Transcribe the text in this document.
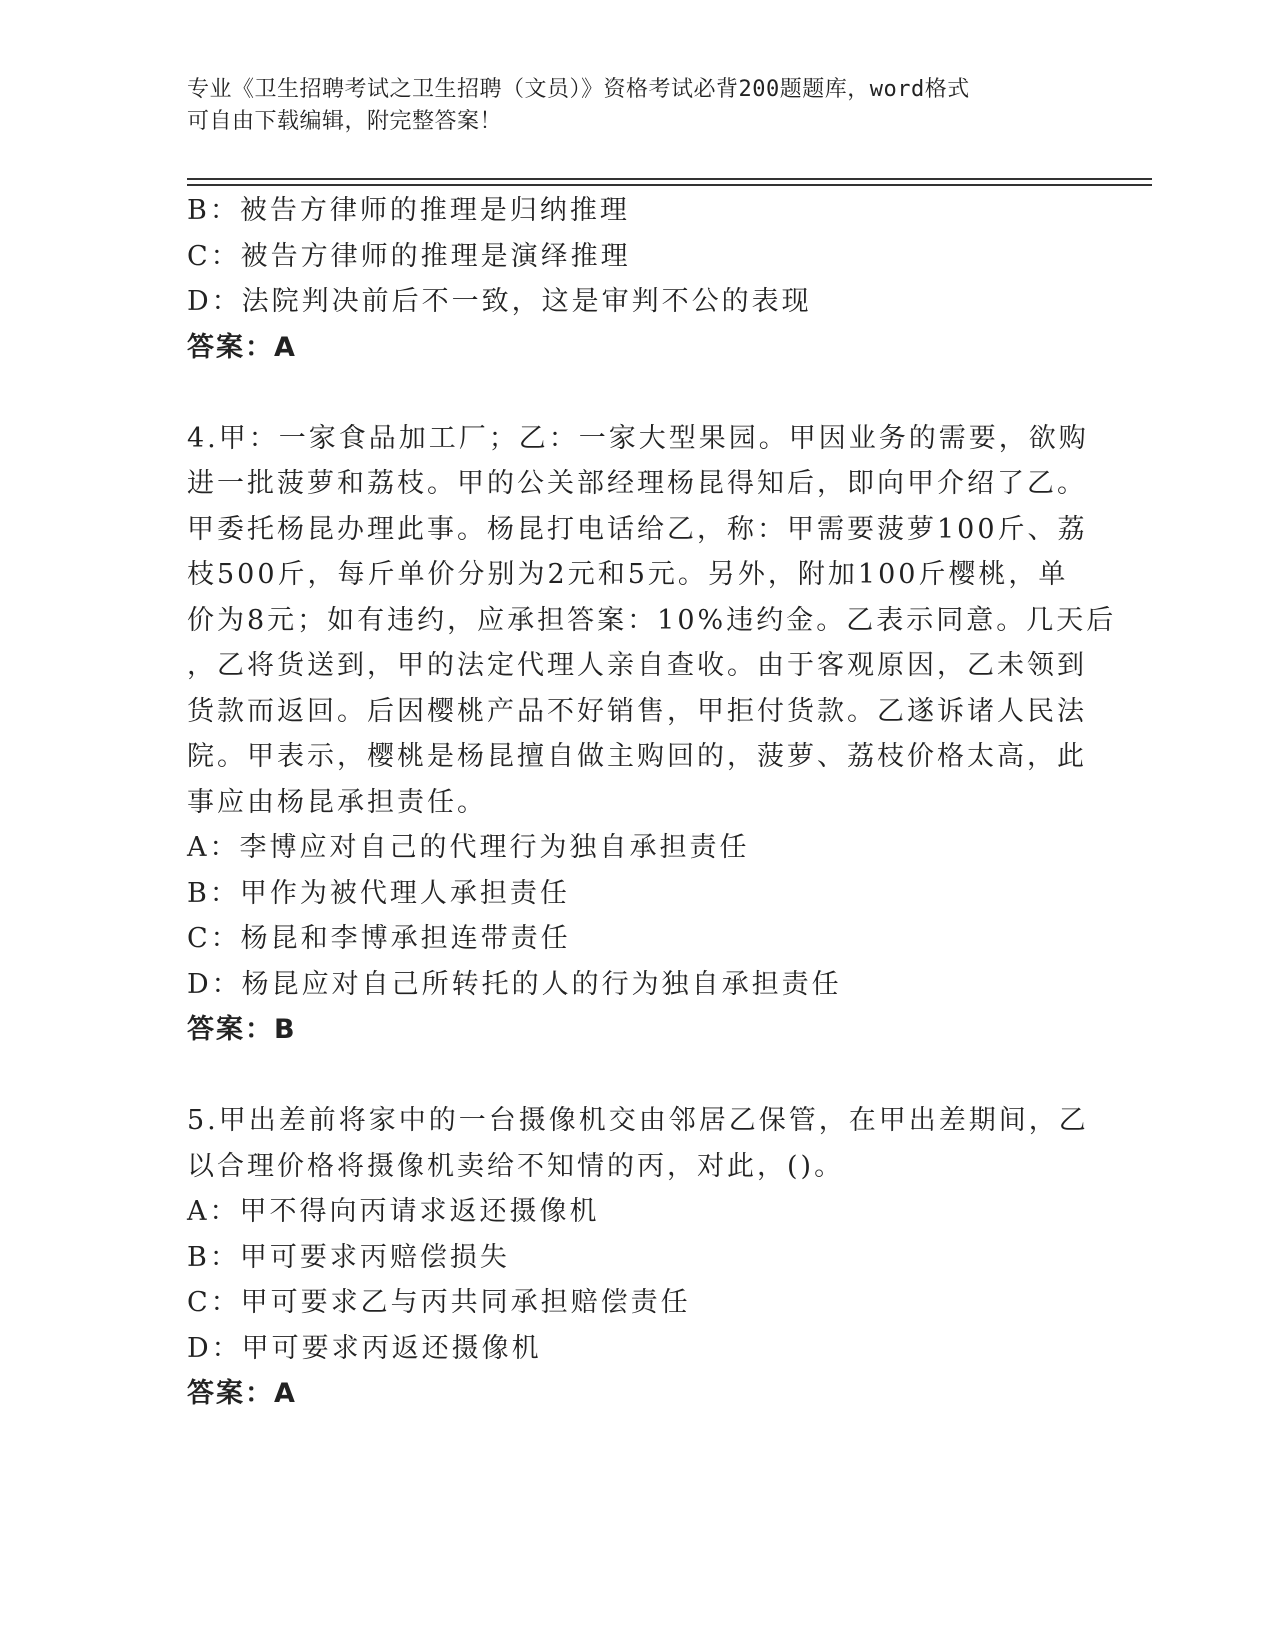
专业《卫生招聘考试之卫生招聘（文员）》资格考试必背200题题库，word格式
可自由下载编辑，附完整答案！
B：被告方律师的推理是归纳推理
C：被告方律师的推理是演绎推理
D：法院判决前后不一致，这是审判不公的表现
答案：A
4.甲：一家食品加工厂；乙：一家大型果园。甲因业务的需要，欲购
进一批菠萝和荔枝。甲的公关部经理杨昆得知后，即向甲介绍了乙。
甲委托杨昆办理此事。杨昆打电话给乙，称：甲需要菠萝100斤、荔
枝500斤，每斤单价分别为2元和5元。另外，附加100斤樱桃，单
价为8元；如有违约，应承担答案：10%违约金。乙表示同意。几天后
，乙将货送到，甲的法定代理人亲自查收。由于客观原因，乙未领到
货款而返回。后因樱桃产品不好销售，甲拒付货款。乙遂诉诸人民法
院。甲表示，樱桃是杨昆擅自做主购回的，菠萝、荔枝价格太高，此
事应由杨昆承担责任。
A：李博应对自己的代理行为独自承担责任
B：甲作为被代理人承担责任
C：杨昆和李博承担连带责任
D：杨昆应对自己所转托的人的行为独自承担责任
答案：B
5.甲出差前将家中的一台摄像机交由邻居乙保管，在甲出差期间，乙
以合理价格将摄像机卖给不知情的丙，对此，()。
A：甲不得向丙请求返还摄像机
B：甲可要求丙赔偿损失
C：甲可要求乙与丙共同承担赔偿责任
D：甲可要求丙返还摄像机
答案：A
